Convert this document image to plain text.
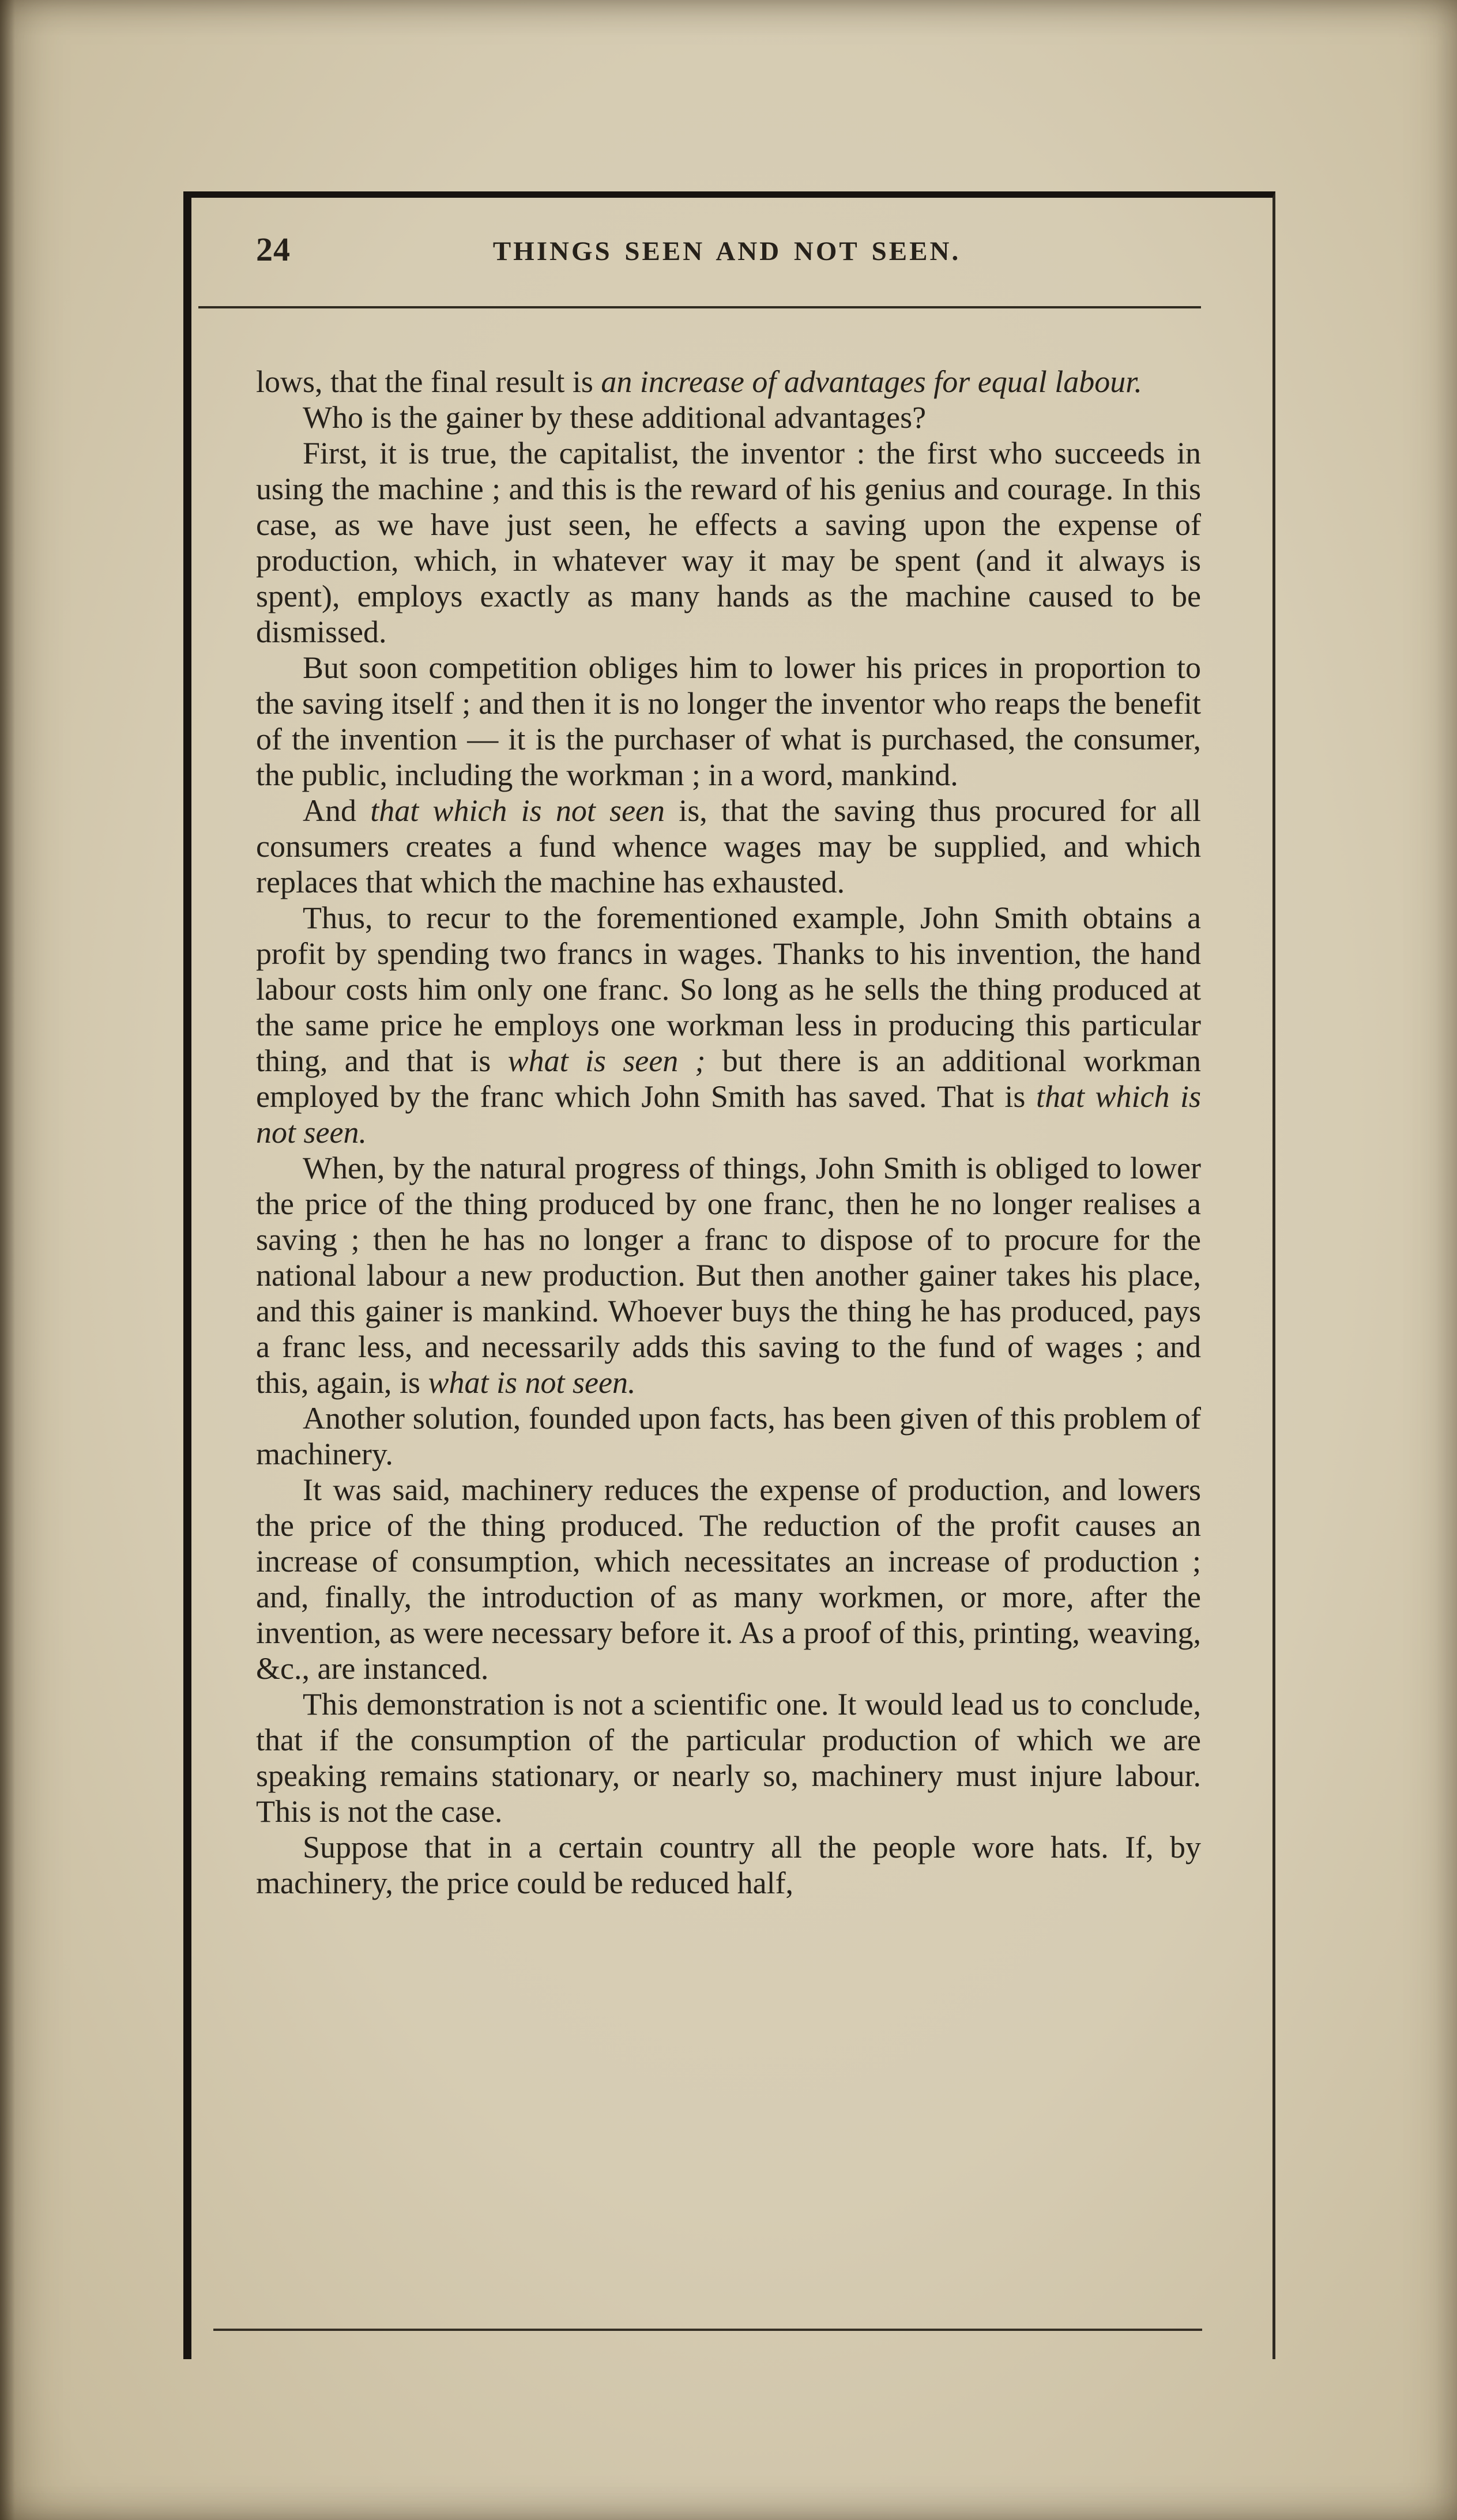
24	THINGS SEEN AND NOT SEEN.

lows, that the final result is an increase of advantages for equal labour.

Who is the gainer by these additional advantages?

First, it is true, the capitalist, the inventor : the first who succeeds in using the machine ; and this is the reward of his genius and courage. In this case, as we have just seen, he effects a saving upon the expense of production, which, in whatever way it may be spent (and it always is spent), employs exactly as many hands as the machine caused to be dismissed.

But soon competition obliges him to lower his prices in proportion to the saving itself ; and then it is no longer the inventor who reaps the benefit of the invention — it is the purchaser of what is purchased, the consumer, the public, including the workman ; in a word, mankind.

And that which is not seen is, that the saving thus procured for all consumers creates a fund whence wages may be supplied, and which replaces that which the machine has exhausted.

Thus, to recur to the forementioned example, John Smith obtains a profit by spending two francs in wages. Thanks to his invention, the hand labour costs him only one franc. So long as he sells the thing produced at the same price he employs one workman less in producing this particular thing, and that is what is seen ; but there is an additional workman employed by the franc which John Smith has saved. That is that which is not seen.

When, by the natural progress of things, John Smith is obliged to lower the price of the thing produced by one franc, then he no longer realises a saving ; then he has no longer a franc to dispose of to procure for the national labour a new production. But then another gainer takes his place, and this gainer is mankind. Whoever buys the thing he has produced, pays a franc less, and necessarily adds this saving to the fund of wages ; and this, again, is what is not seen.

Another solution, founded upon facts, has been given of this problem of machinery.

It was said, machinery reduces the expense of production, and lowers the price of the thing produced. The reduction of the profit causes an increase of consumption, which necessitates an increase of production ; and, finally, the introduction of as many workmen, or more, after the invention, as were necessary before it. As a proof of this, printing, weaving, &c., are instanced.

This demonstration is not a scientific one. It would lead us to conclude, that if the consumption of the particular production of which we are speaking remains stationary, or nearly so, machinery must injure labour. This is not the case.

Suppose that in a certain country all the people wore hats. If, by machinery, the price could be reduced half,
